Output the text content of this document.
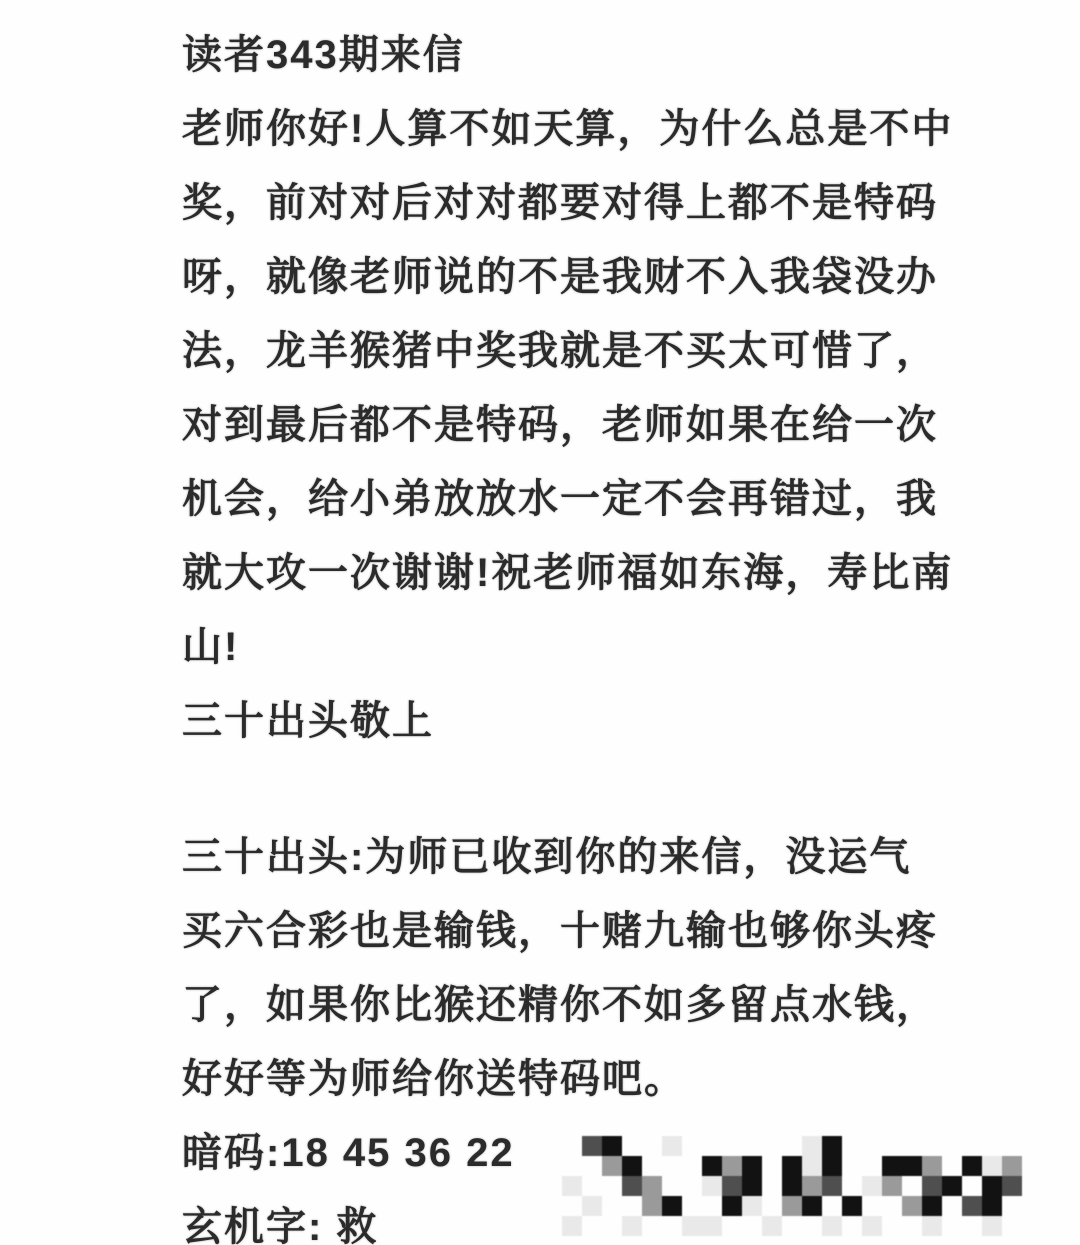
读者343期来信
老师你好!人算不如天算，为什么总是不中
奖，前对对后对对都要对得上都不是特码
呀，就像老师说的不是我财不入我袋没办
法，龙羊猴猪中奖我就是不买太可惜了，
对到最后都不是特码，老师如果在给一次
机会，给小弟放放水一定不会再错过，我
就大攻一次谢谢!祝老师福如东海，寿比南
山!
三十出头敬上
三十出头:为师已收到你的来信，没运气
买六合彩也是输钱，十赌九输也够你头疼
了，如果你比猴还精你不如多留点水钱，
好好等为师给你送特码吧。
暗码:18 45 36 22
玄机字: 救
